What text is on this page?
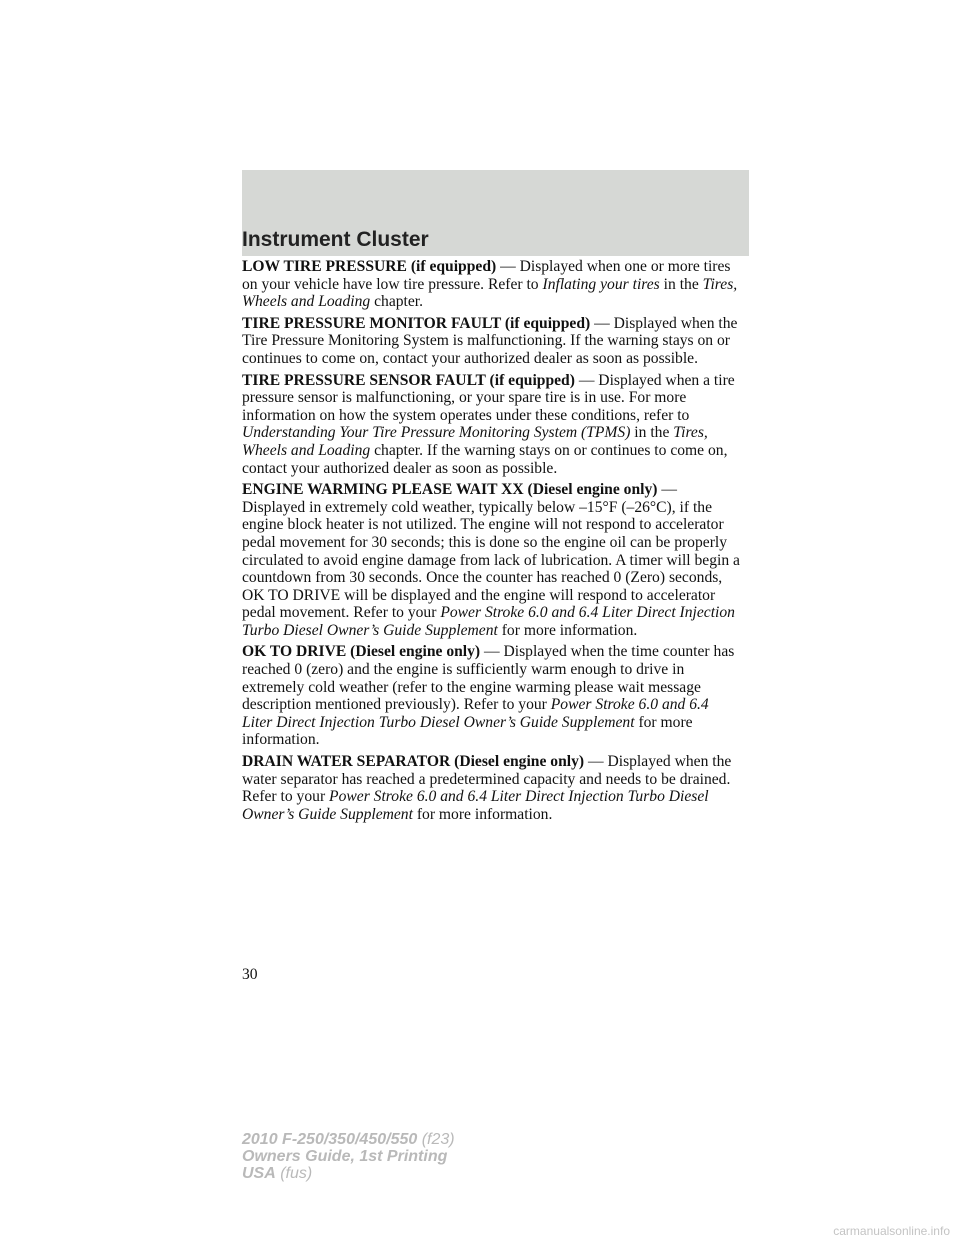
Instrument Cluster

LOW TIRE PRESSURE (if equipped) — Displayed when one or more tires on your vehicle have low tire pressure. Refer to Inflating your tires in the Tires, Wheels and Loading chapter.

TIRE PRESSURE MONITOR FAULT (if equipped) — Displayed when the Tire Pressure Monitoring System is malfunctioning. If the warning stays on or continues to come on, contact your authorized dealer as soon as possible.

TIRE PRESSURE SENSOR FAULT (if equipped) — Displayed when a tire pressure sensor is malfunctioning, or your spare tire is in use. For more information on how the system operates under these conditions, refer to Understanding Your Tire Pressure Monitoring System (TPMS) in the Tires, Wheels and Loading chapter. If the warning stays on or continues to come on, contact your authorized dealer as soon as possible.

ENGINE WARMING PLEASE WAIT XX (Diesel engine only) — Displayed in extremely cold weather, typically below –15°F (–26°C), if the engine block heater is not utilized. The engine will not respond to accelerator pedal movement for 30 seconds; this is done so the engine oil can be properly circulated to avoid engine damage from lack of lubrication. A timer will begin a countdown from 30 seconds. Once the counter has reached 0 (Zero) seconds, OK TO DRIVE will be displayed and the engine will respond to accelerator pedal movement. Refer to your Power Stroke 6.0 and 6.4 Liter Direct Injection Turbo Diesel Owner’s Guide Supplement for more information.

OK TO DRIVE (Diesel engine only) — Displayed when the time counter has reached 0 (zero) and the engine is sufficiently warm enough to drive in extremely cold weather (refer to the engine warming please wait message description mentioned previously). Refer to your Power Stroke 6.0 and 6.4 Liter Direct Injection Turbo Diesel Owner’s Guide Supplement for more information.

DRAIN WATER SEPARATOR (Diesel engine only) — Displayed when the water separator has reached a predetermined capacity and needs to be drained. Refer to your Power Stroke 6.0 and 6.4 Liter Direct Injection Turbo Diesel Owner’s Guide Supplement for more information.

30
2010 F-250/350/450/550 (f23)
Owners Guide, 1st Printing
USA (fus)
carmanualsonline.info
